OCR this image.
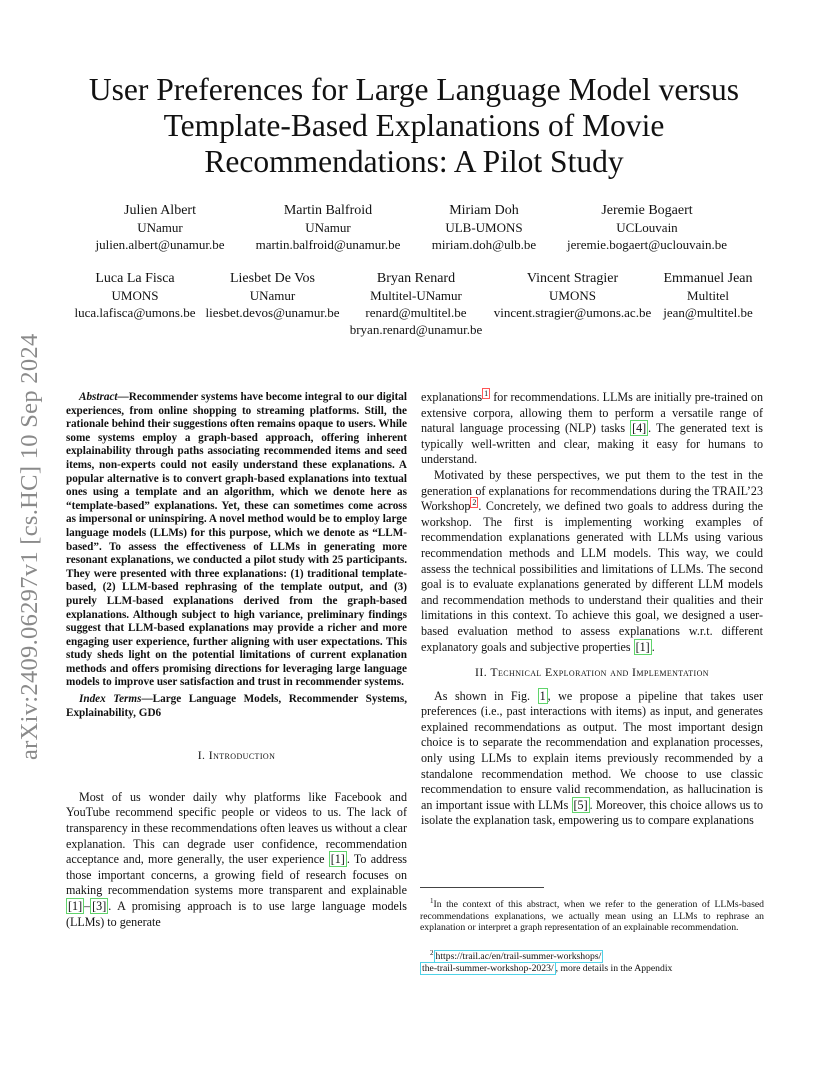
arXiv:2409.06297v1 [cs.HC] 10 Sep 2024
User Preferences for Large Language Model versus
Template-Based Explanations of Movie
Recommendations: A Pilot Study
Julien Albert
UNamur
julien.albert@unamur.be
Martin Balfroid
UNamur
martin.balfroid@unamur.be
Miriam Doh
ULB-UMONS
miriam.doh@ulb.be
Jeremie Bogaert
UCLouvain
jeremie.bogaert@uclouvain.be
Luca La Fisca
UMONS
luca.lafisca@umons.be
Liesbet De Vos
UNamur
liesbet.devos@unamur.be
Bryan Renard
Multitel-UNamur
renard@multitel.be
bryan.renard@unamur.be
Vincent Stragier
UMONS
vincent.stragier@umons.ac.be
Emmanuel Jean
Multitel
jean@multitel.be

Abstract—Recommender systems have become integral to our digital experiences, from online shopping to streaming platforms. Still, the rationale behind their suggestions often remains opaque to users. While some systems employ a graph-based approach, offering inherent explainability through paths associating recommended items and seed items, non-experts could not easily understand these explanations. A popular alternative is to convert graph-based explanations into textual ones using a template and an algorithm, which we denote here as “template-based” explanations. Yet, these can sometimes come across as impersonal or uninspiring. A novel method would be to employ large language models (LLMs) for this purpose, which we denote as “LLM-based”. To assess the effectiveness of LLMs in generating more resonant explanations, we conducted a pilot study with 25 participants. They were presented with three explanations: (1) traditional template-based, (2) LLM-based rephrasing of the template output, and (3) purely LLM-based explanations derived from the graph-based explanations. Although subject to high variance, preliminary findings suggest that LLM-based explanations may provide a richer and more engaging user experience, further aligning with user expectations. This study sheds light on the potential limitations of current explanation methods and offers promising directions for leveraging large language models to improve user satisfaction and trust in recommender systems.

Index Terms—Large Language Models, Recommender Systems, Explainability, GD6

I. Introduction

Most of us wonder daily why platforms like Facebook and YouTube recommend specific people or videos to us. The lack of transparency in these recommendations often leaves us without a clear explanation. This can degrade user confidence, recommendation acceptance and, more generally, the user experience [1] . To address those important concerns, a growing field of research focuses on making recommendation systems more transparent and explainable [1] – [3] . A promising approach is to use large language models (LLMs) to generate

explanations $^1$ for recommendations. LLMs are initially pre-trained on extensive corpora, allowing them to perform a versatile range of natural language processing (NLP) tasks [4] . The generated text is typically well-written and clear, making it easy for humans to understand.

Motivated by these perspectives, we put them to the test in the generation of explanations for recommendations during the TRAIL’23 Workshop $^2$ . Concretely, we defined two goals to address during the workshop. The first is implementing working examples of recommendation explanations generated with LLMs using various recommendation methods and LLM models. This way, we could assess the technical possibilities and limitations of LLMs. The second goal is to evaluate explanations generated by different LLM models and recommendation methods to understand their qualities and their limitations in this context. To achieve this goal, we designed a user-based evaluation method to assess explanations w.r.t. different explanatory goals and subjective properties [1] .

II. Technical Exploration and Implementation

As shown in Fig. 1 , we propose a pipeline that takes user preferences (i.e., past interactions with items) as input, and generates explained recommendations as output. The most important design choice is to separate the recommendation and explanation processes, only using LLMs to explain items previously recommended by a standalone recommendation method. We choose to use classic recommendation to ensure valid recommendation, as hallucination is an important issue with LLMs [5] . Moreover, this choice allows us to isolate the explanation task, empowering us to compare explanations

$^1$In the context of this abstract, when we refer to the generation of LLMs-based recommendations explanations, we actually mean using an LLMs to rephrase an explanation or interpret a graph representation of an explainable recommendation.
$^2$ https://trail.ac/en/trail-summer-workshops/
the-trail-summer-workshop-2023/ , more details in the Appendix
